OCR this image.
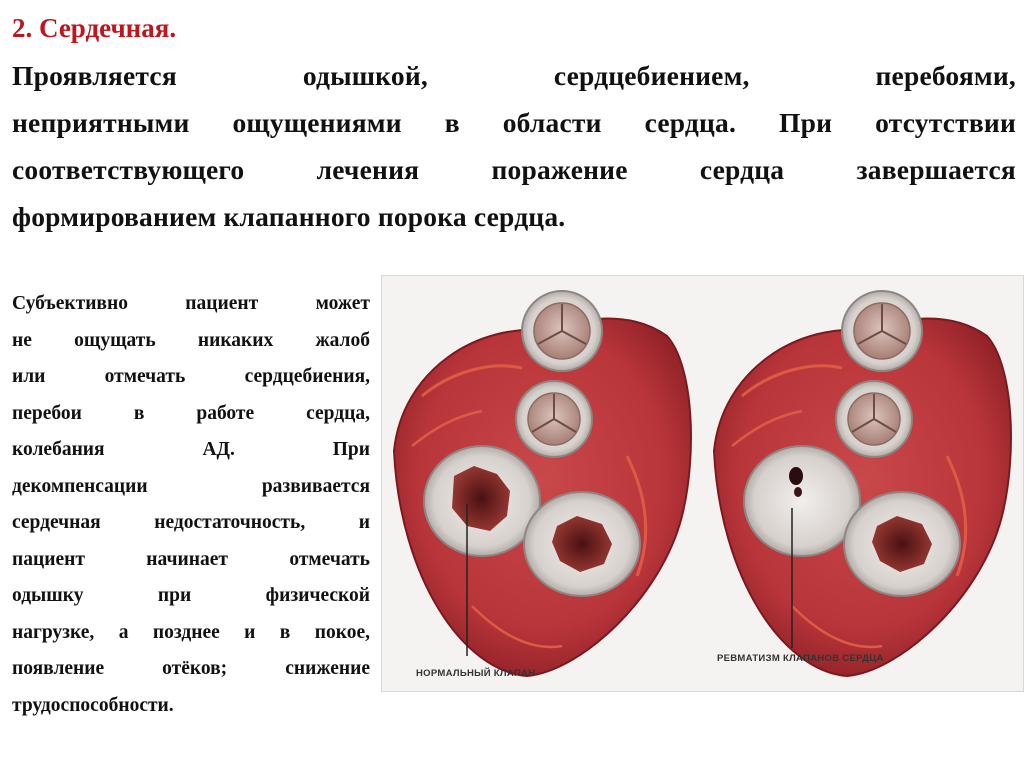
2. Сердечная.
Проявляется одышкой, сердцебиением, перебоями,
неприятными ощущениями в области сердца. При отсутствии
соответствующего лечения поражение сердца завершается
формированием клапанного порока сердца.
Субъективно пациент может
не ощущать никаких жалоб
или отмечать сердцебиения,
перебои в работе сердца,
колебания АД. При
декомпенсации развивается
сердечная недостаточность, и
пациент начинает отмечать
одышку при физической
нагрузке, а позднее и в покое,
появление отёков; снижение
трудоспособности.
НОРМАЛЬНЫЙ КЛАПАН
РЕВМАТИЗМ КЛАПАНОВ СЕРДЦА
